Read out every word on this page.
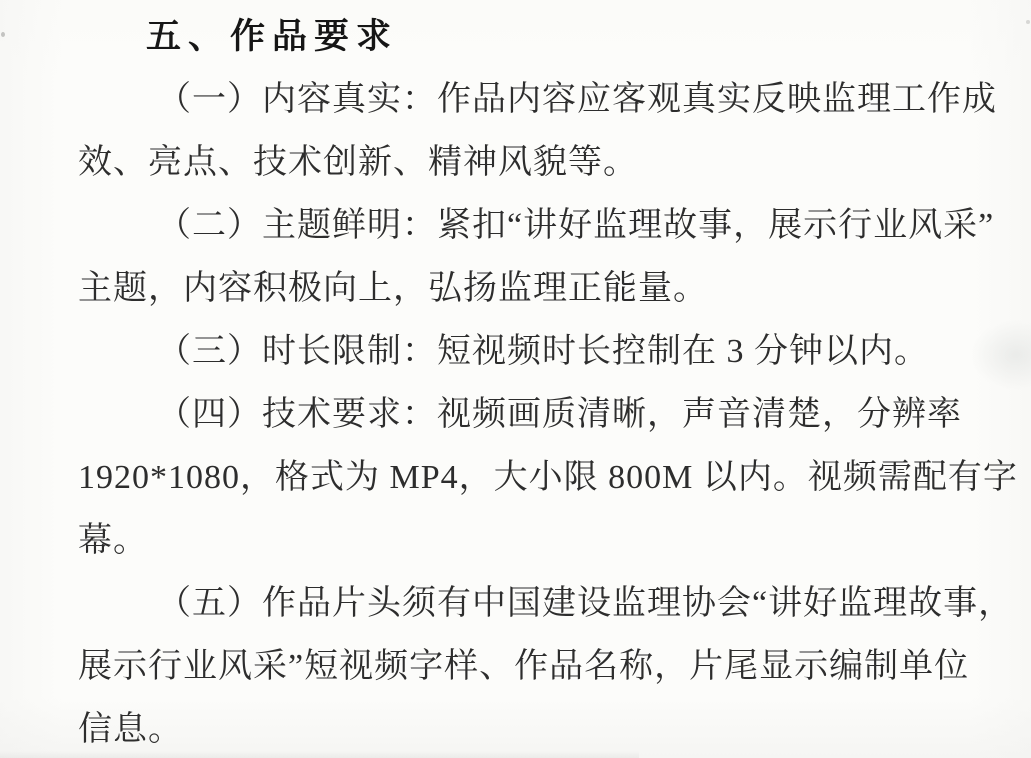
五、作品要求
（一）内容真实：作品内容应客观真实反映监理工作成
效、亮点、技术创新、精神风貌等。
（二）主题鲜明：紧扣“讲好监理故事，展示行业风采”
主题，内容积极向上，弘扬监理正能量。
（三）时长限制：短视频时长控制在 3 分钟以内。
（四）技术要求：视频画质清晰，声音清楚，分辨率
1920*1080，格式为 MP4，大小限 800M 以内。视频需配有字
幕。
（五）作品片头须有中国建设监理协会“讲好监理故事，
展示行业风采”短视频字样、作品名称，片尾显示编制单位
信息。
